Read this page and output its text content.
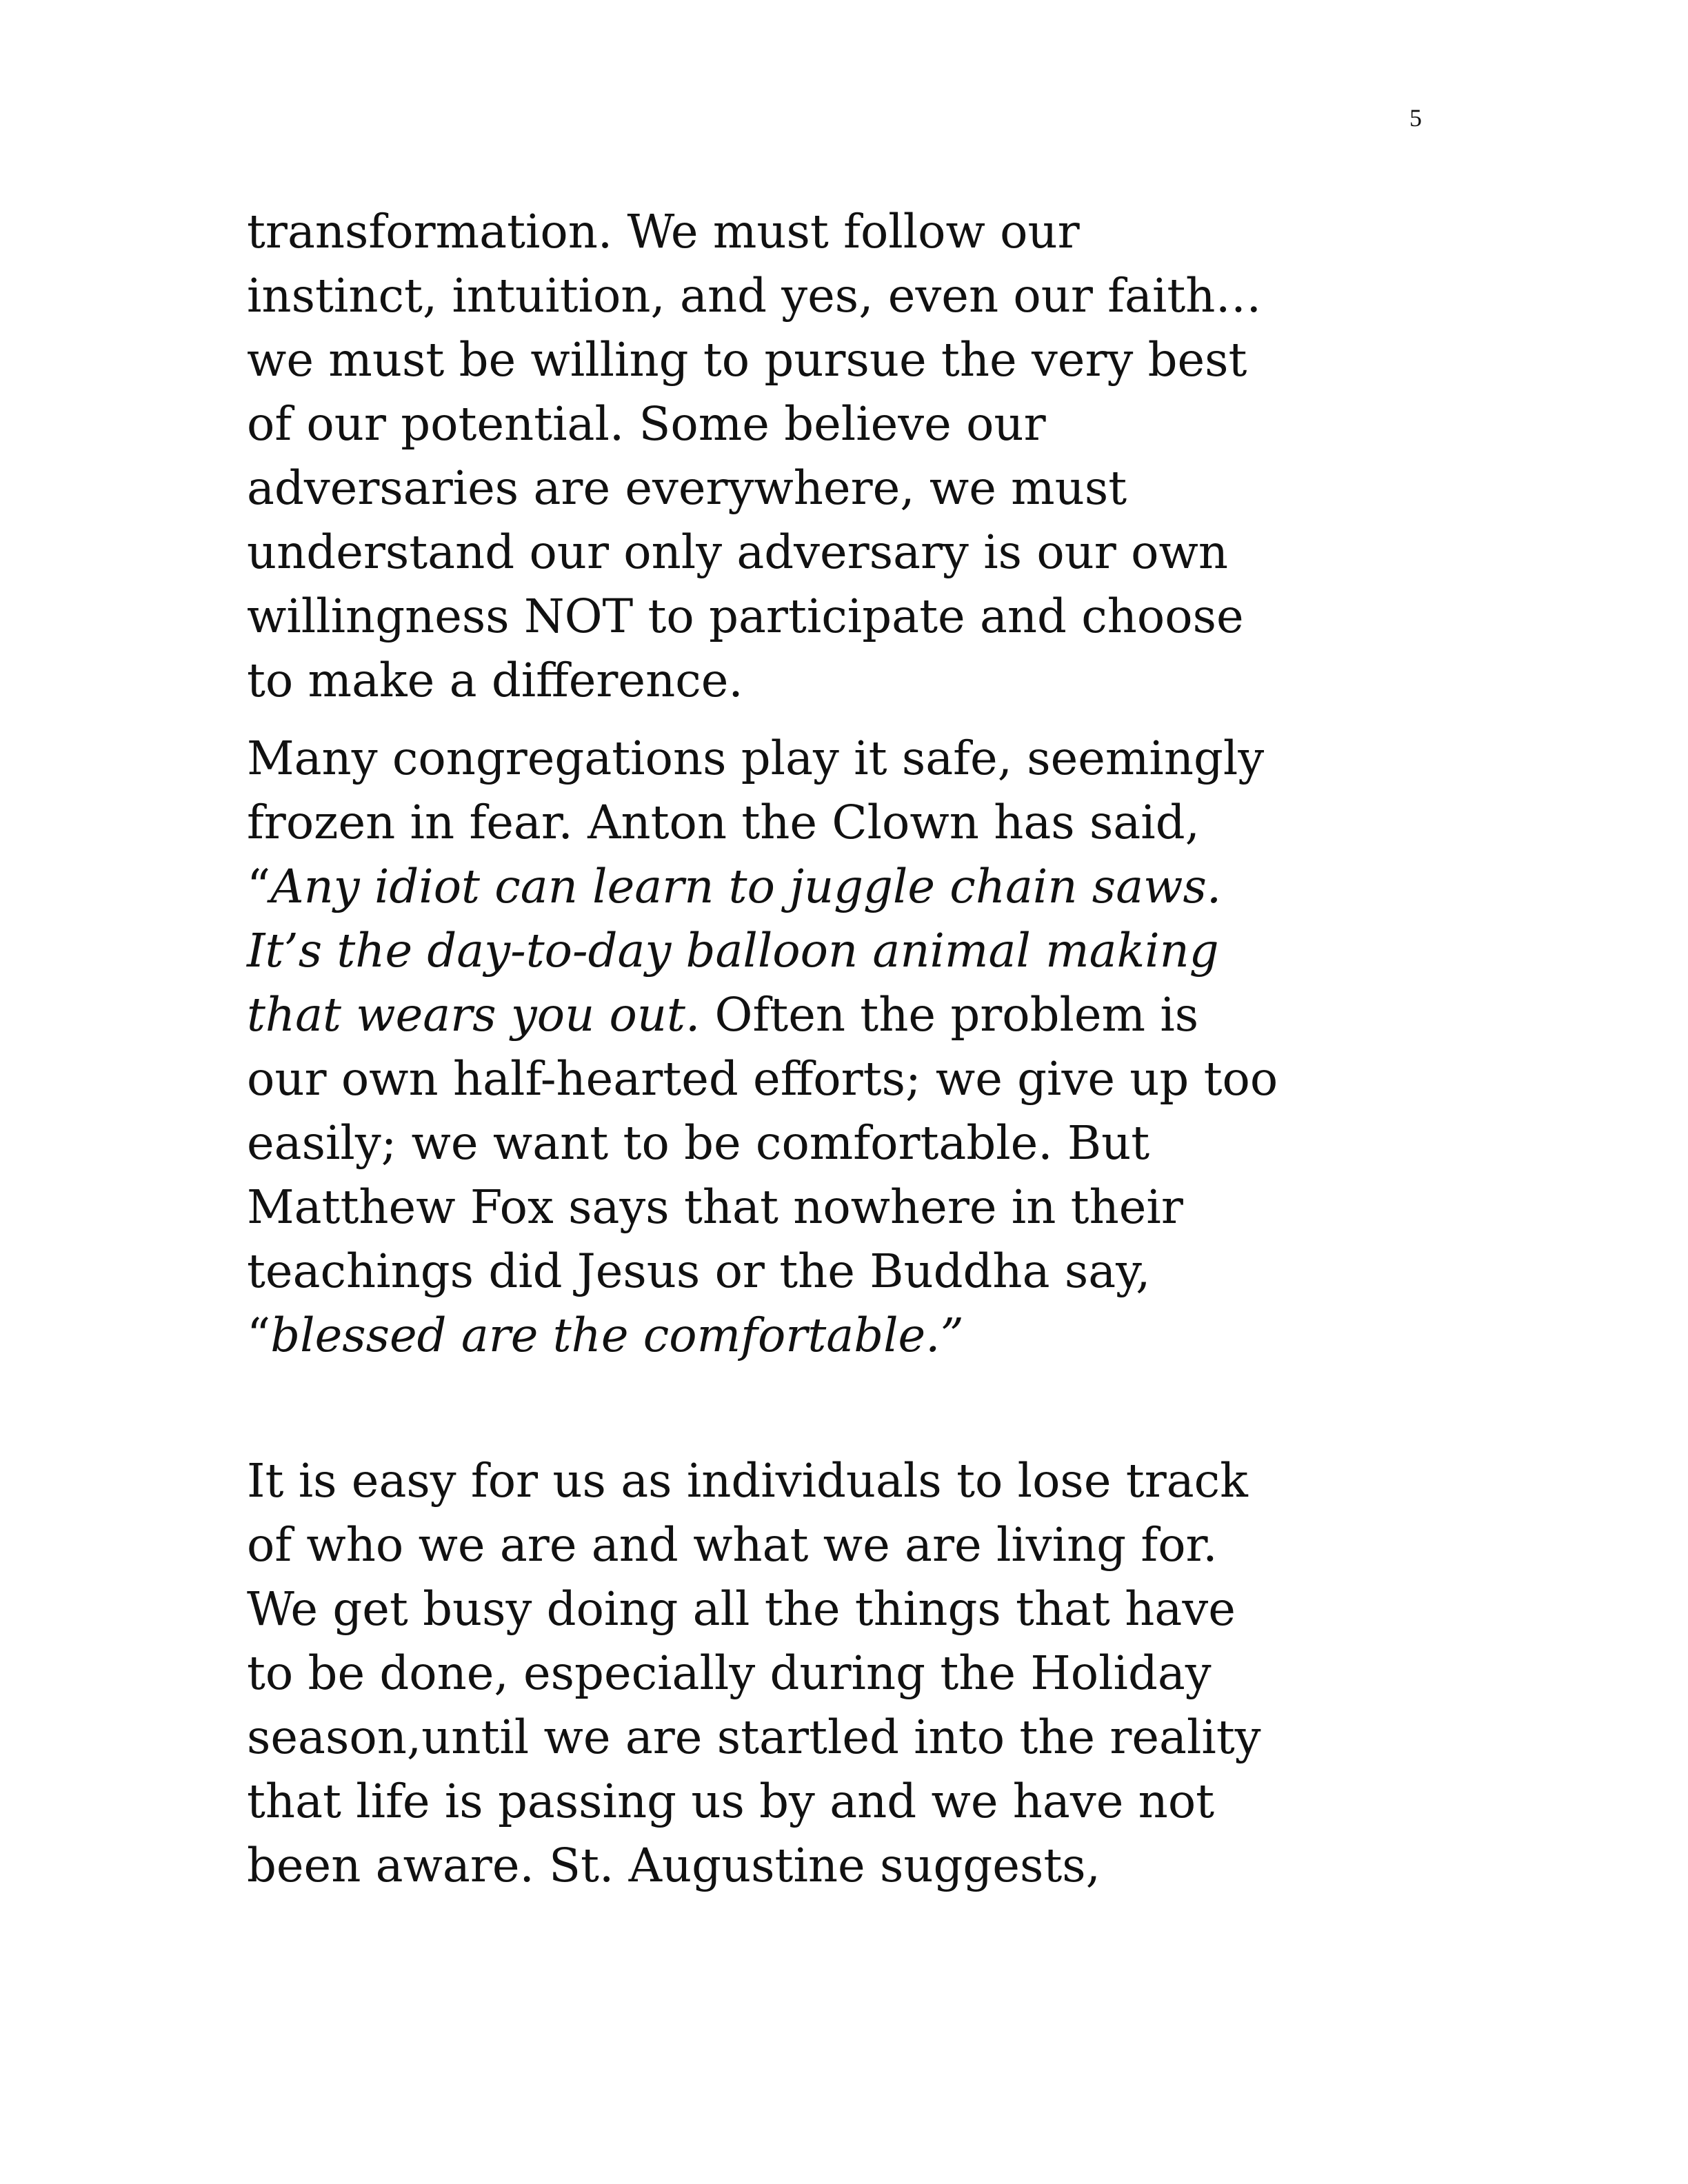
5
transformation. We must follow our
instinct, intuition, and yes, even our faith…
we must be willing to pursue the very best
of our potential. Some believe our
adversaries are everywhere, we must
understand our only adversary is our own
willingness NOT to participate and choose
to make a difference.
Many congregations play it safe, seemingly
frozen in fear. Anton the Clown has said,
“Any idiot can learn to juggle chain saws.
It’s the day-to-day balloon animal making
that wears you out. Often the problem is
our own half-hearted efforts; we give up too
easily; we want to be comfortable. But
Matthew Fox says that nowhere in their
teachings did Jesus or the Buddha say,
“blessed are the comfortable.”
It is easy for us as individuals to lose track
of who we are and what we are living for.
We get busy doing all the things that have
to be done, especially during the Holiday
season,until we are startled into the reality
that life is passing us by and we have not
been aware. St. Augustine suggests,
